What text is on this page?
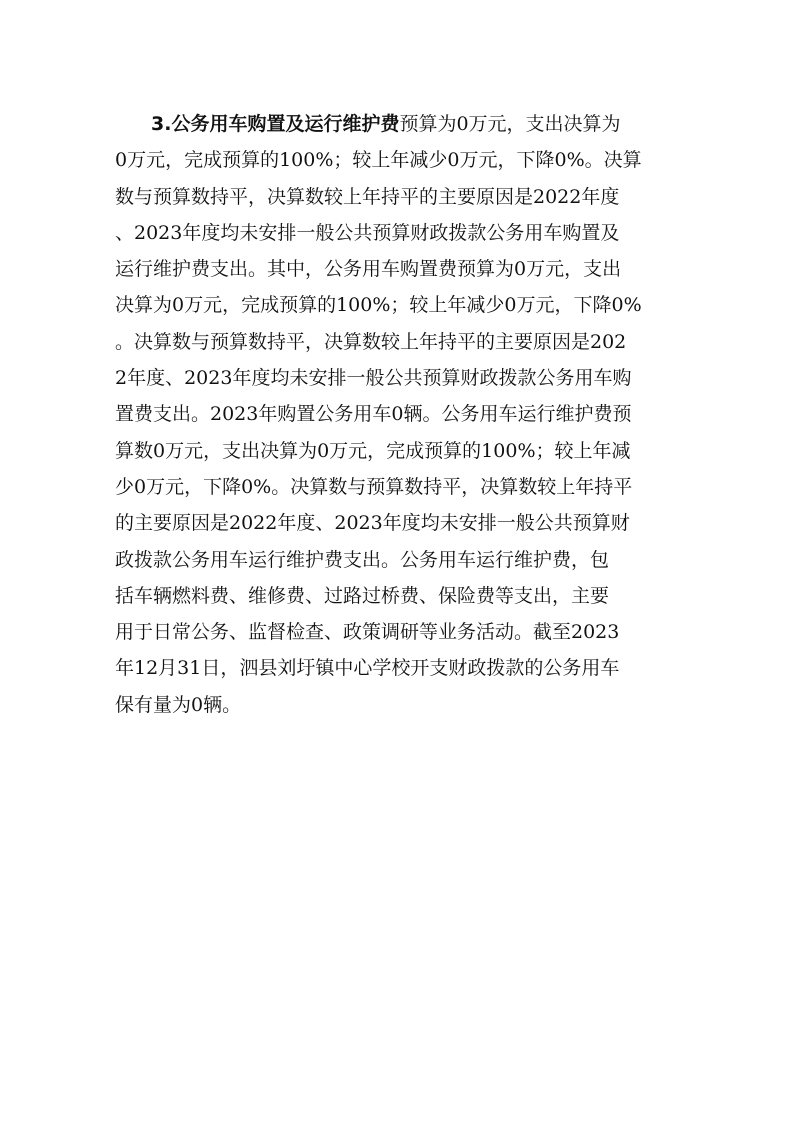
3.公务用车购置及运行维护费预算为0万元，支出决算为
0万元，完成预算的100%；较上年减少0万元，下降0%。决算
数与预算数持平，决算数较上年持平的主要原因是2022年度
、2023年度均未安排一般公共预算财政拨款公务用车购置及
运行维护费支出。其中，公务用车购置费预算为0万元，支出
决算为0万元，完成预算的100%；较上年减少0万元，下降0%
。决算数与预算数持平，决算数较上年持平的主要原因是202
2年度、2023年度均未安排一般公共预算财政拨款公务用车购
置费支出。2023年购置公务用车0辆。公务用车运行维护费预
算数0万元，支出决算为0万元，完成预算的100%；较上年减
少0万元，下降0%。决算数与预算数持平，决算数较上年持平
的主要原因是2022年度、2023年度均未安排一般公共预算财
政拨款公务用车运行维护费支出。公务用车运行维护费，包
括车辆燃料费、维修费、过路过桥费、保险费等支出，主要
用于日常公务、监督检查、政策调研等业务活动。截至2023
年12月31日，泗县刘圩镇中心学校开支财政拨款的公务用车
保有量为0辆。
